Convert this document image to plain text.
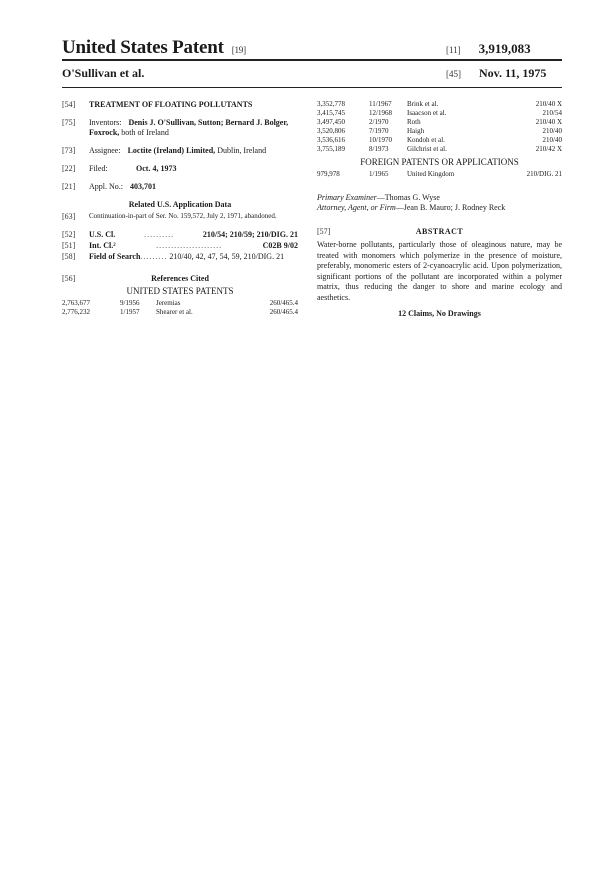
United States Patent [19]	[11] 3,919,083
O'Sullivan et al.	[45] Nov. 11, 1975
[54]	TREATMENT OF FLOATING POLLUTANTS
[75]	Inventors: Denis J. O'Sullivan, Sutton; Bernard J. Bolger, Foxrock, both of Ireland
[73]	Assignee: Loctite (Ireland) Limited, Dublin, Ireland
[22]	Filed:	Oct. 4, 1973
[21]	Appl. No.: 403,701
Related U.S. Application Data
[63]	Continuation-in-part of Ser. No. 159,572, July 2, 1971, abandoned.
[52]	U.S. Cl.	..........	210/54; 210/59; 210/DIG. 21
[51]	Int. Cl.²	......................	C02B 9/02
[58]	Field of Search......... 210/40, 42, 47, 54, 59, 210/DIG. 21
[56]	References Cited
UNITED STATES PATENTS
2,763,677	9/1956	Jeremias	260/465.4
2,776,232	1/1957	Shearer et al.	260/465.4
3,352,778	11/1967	Brink et al.	210/40 X
3,415,745	12/1968	Isaacson et al.	210/54
3,497,450	2/1970	Roth	210/40 X
3,520,806	7/1970	Haigh	210/40
3,536,616	10/1970	Kondoh et al.	210/40
3,755,189	8/1973	Gilchrist et al.	210/42 X
FOREIGN PATENTS OR APPLICATIONS
979,978	1/1965	United Kingdom	210/DIG. 21
Primary Examiner—Thomas G. Wyse
Attorney, Agent, or Firm—Jean B. Mauro; J. Rodney Reck
[57]	ABSTRACT
Water-borne pollutants, particularly those of oleaginous nature, may be treated with monomers which polymerize in the presence of moisture, preferably, monomeric esters of 2-cyanoacrylic acid. Upon polymerization, significant portions of the pollutant are incorporated within a polymer matrix, thus reducing the danger to shore and marine ecology and aesthetics.
12 Claims, No Drawings
